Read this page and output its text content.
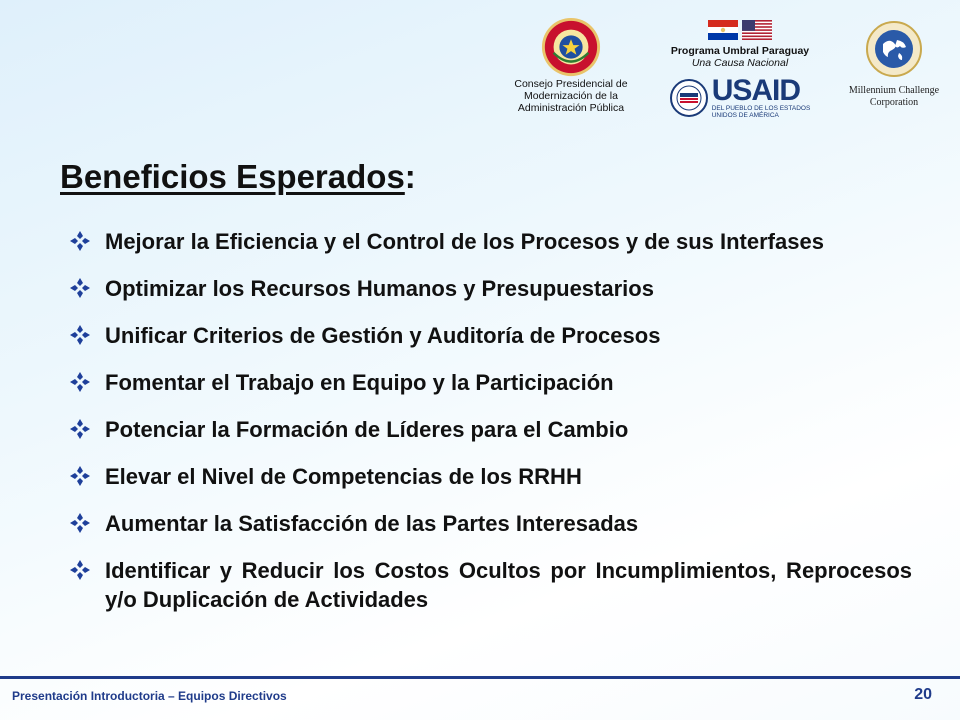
Consejo Presidencial de
Modernización de la
Administración Pública
Programa Umbral Paraguay
Una Causa Nacional
USAID
DEL PUEBLO DE LOS ESTADOS
UNIDOS DE AMÉRICA
Millennium Challenge
Corporation
Beneficios Esperados:
Mejorar la Eficiencia y el Control de los Procesos y de sus Interfases
Optimizar los Recursos Humanos y Presupuestarios
Unificar Criterios de Gestión y Auditoría de Procesos
Fomentar el Trabajo en Equipo y la Participación
Potenciar la Formación de Líderes para el Cambio
Elevar el Nivel de Competencias de los RRHH
Aumentar la Satisfacción de las Partes Interesadas
Identificar y Reducir los Costos Ocultos por Incumplimientos, Reprocesos y/o Duplicación de Actividades
Presentación Introductoria – Equipos Directivos	20
